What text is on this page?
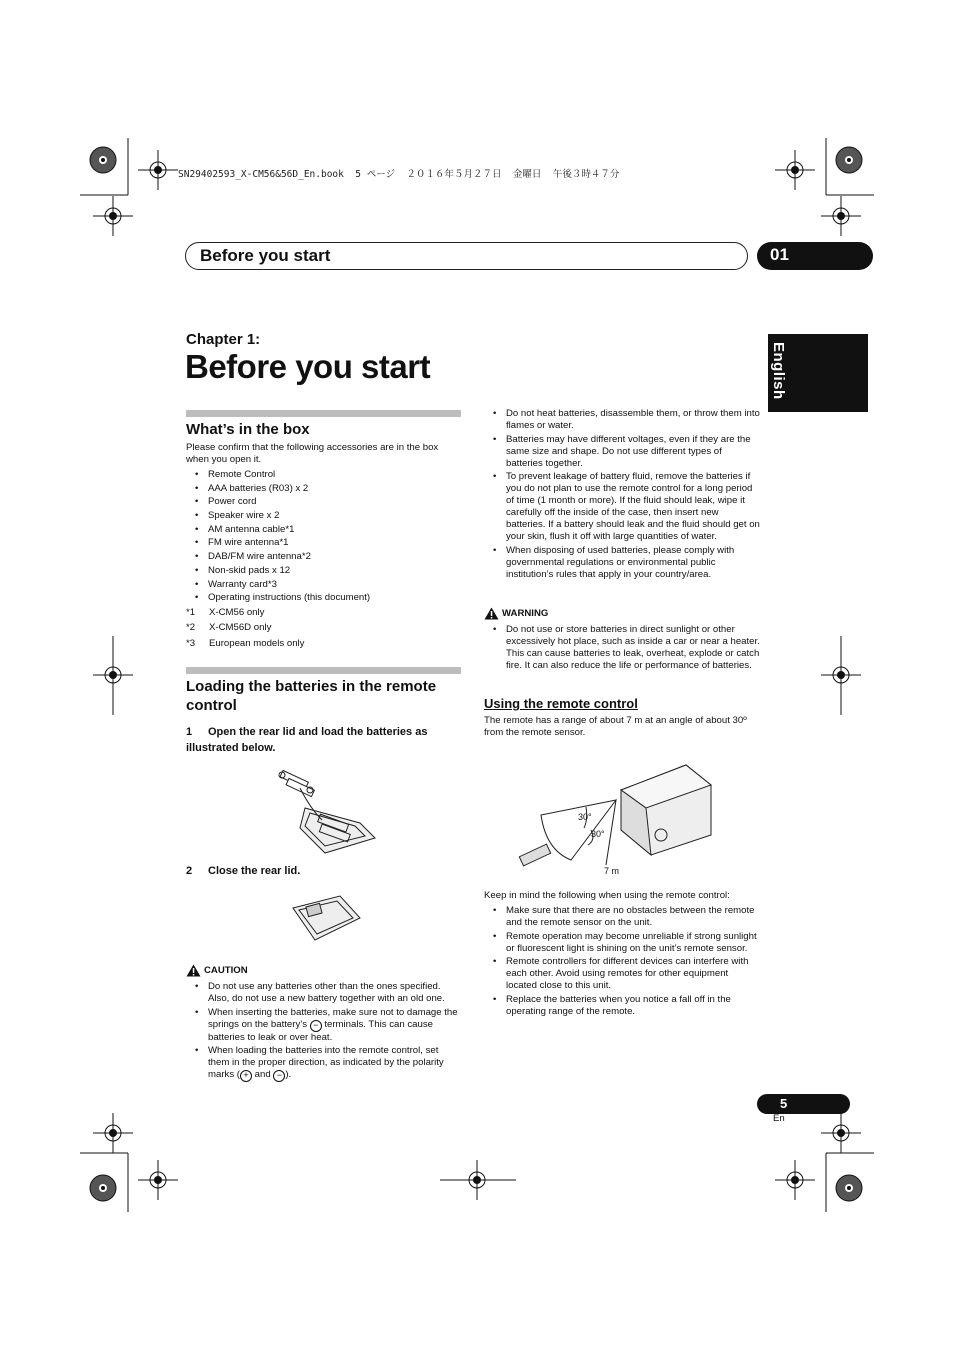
SN29402593_X-CM56&56D_En.book  5 ページ  ２０１６年５月２７日  金曜日  午後３時４７分
Before you start	01
English
Chapter 1:
Before you start
What’s in the box

Please confirm that the following accessories are in the box when you open it.

• Remote Control
• AAA batteries (R03) x 2
• Power cord
• Speaker wire x 2
• AM antenna cable*1
• FM wire antenna*1
• DAB/FM wire antenna*2
• Non-skid pads x 12
• Warranty card*3
• Operating instructions (this document)
*1 X-CM56 only
*2 X-CM56D only
*3 European models only
Loading the batteries in the remote control
1 Open the rear lid and load the batteries as illustrated below.
2 Close the rear lid.
CAUTION
• Do not use any batteries other than the ones specified. Also, do not use a new battery together with an old one.
• When inserting the batteries, make sure not to damage the springs on the battery’s − terminals. This can cause batteries to leak or over heat.
• When loading the batteries into the remote control, set them in the proper direction, as indicated by the polarity marks ( + and − ).
• Do not heat batteries, disassemble them, or throw them into flames or water.
• Batteries may have different voltages, even if they are the same size and shape. Do not use different types of batteries together.
• To prevent leakage of battery fluid, remove the batteries if you do not plan to use the remote control for a long period of time (1 month or more). If the fluid should leak, wipe it carefully off the inside of the case, then insert new batteries. If a battery should leak and the fluid should get on your skin, flush it off with large quantities of water.
• When disposing of used batteries, please comply with governmental regulations or environmental public institution’s rules that apply in your country/area.
WARNING
• Do not use or store batteries in direct sunlight or other excessively hot place, such as inside a car or near a heater. This can cause batteries to leak, overheat, explode or catch fire. It can also reduce the life or performance of batteries.
Using the remote control

The remote has a range of about 7 m at an angle of about 30º from the remote sensor.

30°
30°
7 m

Keep in mind the following when using the remote control:

• Make sure that there are no obstacles between the remote and the remote sensor on the unit.
• Remote operation may become unreliable if strong sunlight or fluorescent light is shining on the unit’s remote sensor.
• Remote controllers for different devices can interfere with each other. Avoid using remotes for other equipment located close to this unit.
• Replace the batteries when you notice a fall off in the operating range of the remote.
5
En
